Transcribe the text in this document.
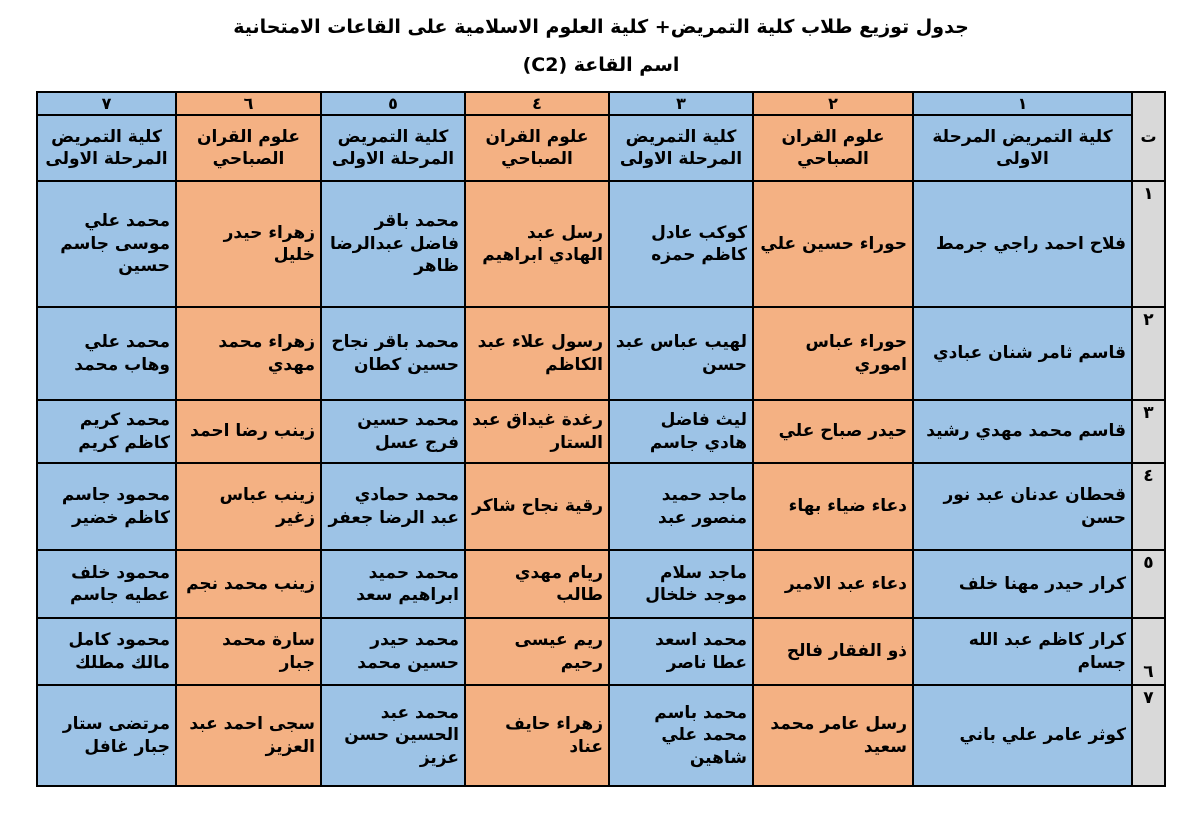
جدول توزيع طلاب كلية التمريض+ كلية العلوم الاسلامية على القاعات الامتحانية
اسم القاعة (C2)
ت	١	٢	٣	٤	٥	٦	٧
	كلية التمريض المرحلة الاولى	علوم القران الصباحي	كلية التمريض المرحلة الاولى	علوم القران الصباحي	كلية التمريض المرحلة الاولى	علوم القران الصباحي	كلية التمريض المرحلة الاولى
١	فلاح احمد راجي جرمط	حوراء حسين علي	كوكب عادل كاظم حمزه	رسل عبد الهادي ابراهيم	محمد باقر فاضل عبدالرضا ظاهر	زهراء حيدر خليل	محمد علي موسى جاسم حسين
٢	قاسم ثامر شنان عبادي	حوراء عباس اموري	لهيب عباس عبد حسن	رسول علاء عبد الكاظم	محمد باقر نجاح حسين كطان	زهراء محمد مهدي	محمد علي وهاب محمد
٣	قاسم محمد مهدي رشيد	حيدر صباح علي	ليث فاضل هادي جاسم	رغدة غيداق عبد الستار	محمد حسين فرج عسل	زينب رضا احمد	محمد كريم كاظم كريم
٤	قحطان عدنان عبد نور حسن	دعاء ضياء بهاء	ماجد حميد منصور عبد	رقية نجاح شاكر	محمد حمادي عبد الرضا جعفر	زينب عباس زغير	محمود جاسم كاظم خضير
٥	كرار حيدر مهنا خلف	دعاء عبد الامير	ماجد سلام موجد خلخال	ريام مهدي طالب	محمد حميد ابراهيم سعد	زينب محمد نجم	محمود خلف عطيه جاسم
٦	كرار كاظم عبد الله جسام	ذو الفقار فالح	محمد اسعد عطا ناصر	ريم عيسى رحيم	محمد حيدر حسين محمد	سارة محمد جبار	محمود كامل مالك مطلك
٧	كوثر عامر علي باني	رسل عامر محمد سعيد	محمد باسم محمد علي شاهين	زهراء حايف عناد	محمد عبد الحسين حسن عزيز	سجى احمد عبد العزيز	مرتضى ستار جبار غافل
